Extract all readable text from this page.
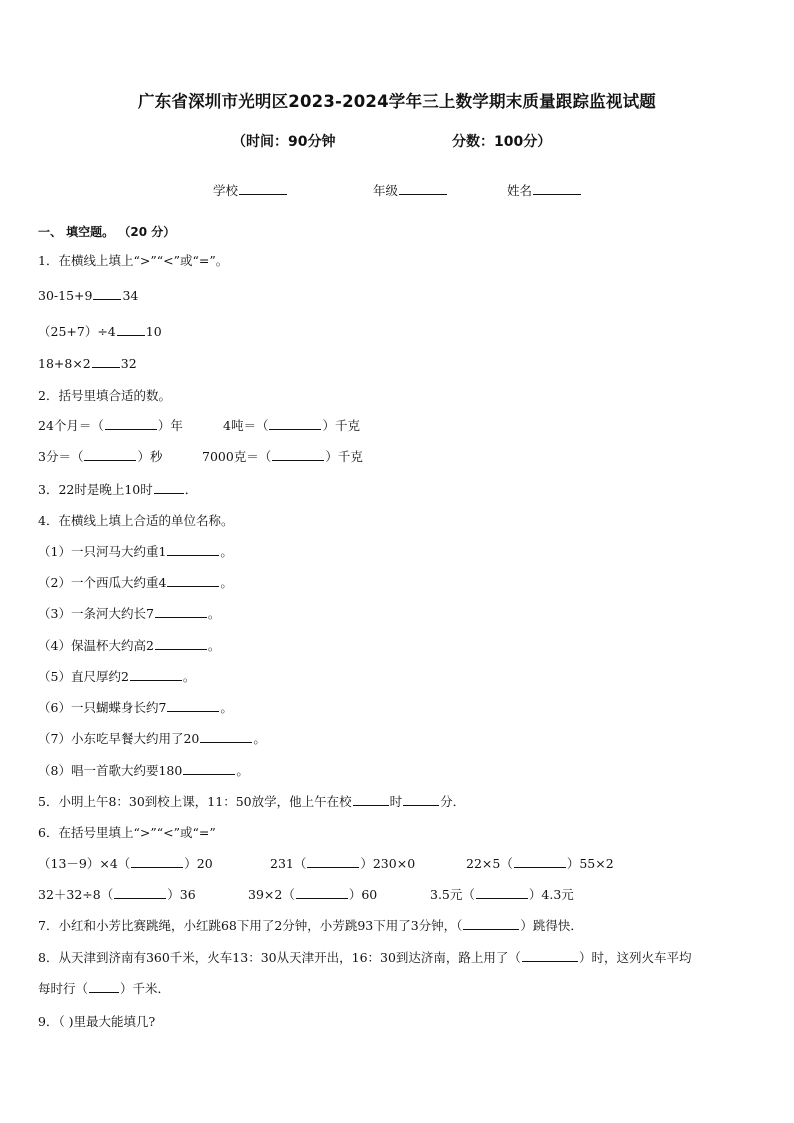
广东省深圳市光明区2023-2024学年三上数学期末质量跟踪监视试题
（时间：90分钟	分数：100分）
学校	年级	姓名
一、 填空题。 （20 分）
1．在横线上填上“>”“<”或“=”。
30-15+9 34
（25+7）÷4 10
18+8×2 32
2．括号里填合适的数。
24个月＝（	）年	4吨＝（	）千克
3分＝（	）秒	7000克＝（	）千克
3．22时是晚上10时	．
4．在横线上填上合适的单位名称。
（1）一只河马大约重1	。
（2）一个西瓜大约重4	。
（3）一条河大约长7	。
（4）保温杯大约高2	。
（5）直尺厚约2	。
（6）一只蝴蝶身长约7	。
（7）小东吃早餐大约用了20	。
（8）唱一首歌大约要180	。
5．小明上午8：30到校上课，11：50放学，他上午在校	时	分．
6．在括号里填上“>”“<”或“=”
（13－9）×4（	）20	231（	）230×0	22×5（	）55×2
32＋32÷8（	）36	39×2（	）60	3.5元（	）4.3元
7．小红和小芳比赛跳绳，小红跳68下用了2分钟，小芳跳93下用了3分钟，（	）跳得快．
8．从天津到济南有360千米，火车13：30从天津开出，16：30到达济南，路上用了（	）时，这列火车平均
每时行（	）千米．
9．（ )里最大能填几?
